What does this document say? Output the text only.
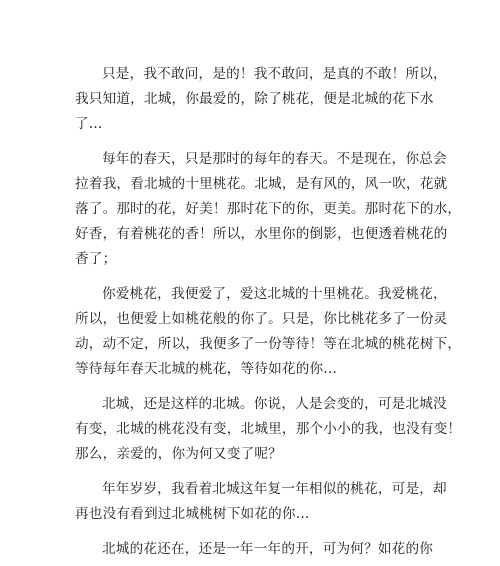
只是，我不敢问，是的！我不敢问，是真的不敢！所以，
我只知道，北城，你最爱的，除了桃花，便是北城的花下水
了…

每年的春天，只是那时的每年的春天。不是现在，你总会
拉着我，看北城的十里桃花。北城，是有风的，风一吹，花就
落了。那时的花，好美！那时花下的你，更美。那时花下的水，
好香，有着桃花的香！所以，水里你的倒影，也便透着桃花的
香了；

你爱桃花，我便爱了，爱这北城的十里桃花。我爱桃花，
所以，也便爱上如桃花般的你了。只是，你比桃花多了一份灵
动，动不定，所以，我便多了一份等待！等在北城的桃花树下，
等待每年春天北城的桃花，等待如花的你…

北城，还是这样的北城。你说，人是会变的，可是北城没
有变，北城的桃花没有变，北城里，那个小小的我，也没有变！
那么，亲爱的，你为何又变了呢？

年年岁岁，我看着北城这年复一年相似的桃花，可是，却
再也没有看到过北城桃树下如花的你…

北城的花还在，还是一年一年的开，可为何？如花的你
